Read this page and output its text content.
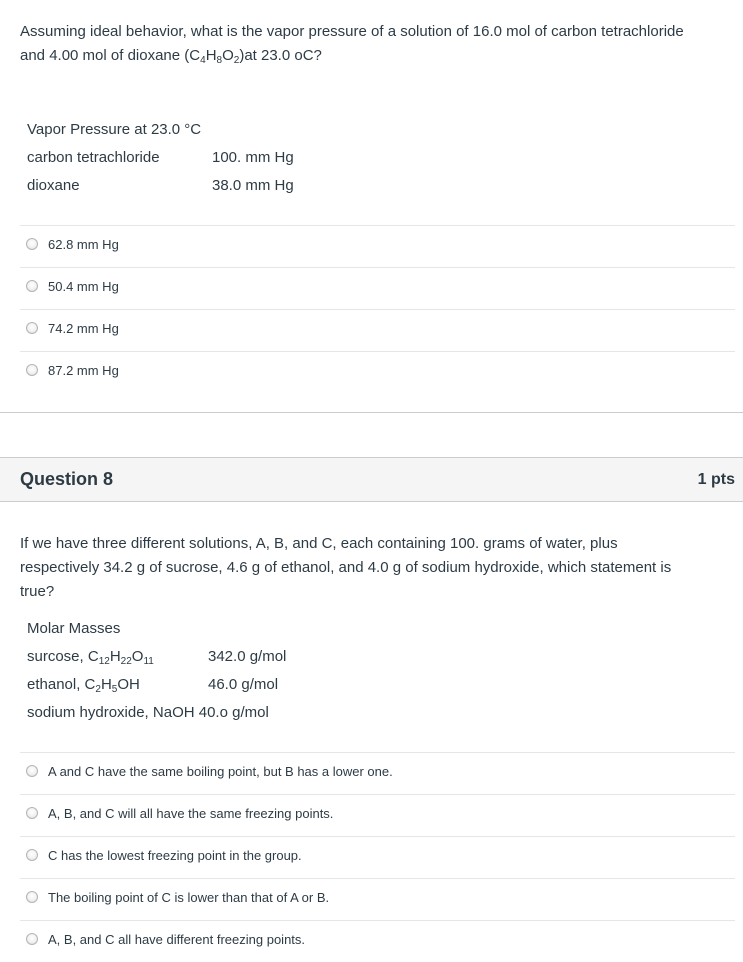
Assuming ideal behavior, what is the vapor pressure of a solution of 16.0 mol of carbon tetrachloride
and 4.00 mol of dioxane $(C_4H_8O_2)at$ 23.0 oC?
Vapor Pressure at 23.0 °C
carbon tetrachloride	100. mm Hg
dioxane	38.0 mm Hg
62.8 mm Hg
50.4 mm Hg
74.2 mm Hg
87.2 mm Hg
Question 8	1 pts
If we have three different solutions, A, B, and C, each containing 100. grams of water, plus
respectively 34.2 g of sucrose, 4.6 g of ethanol, and 4.0 g of sodium hydroxide, which statement is
true?
Molar Masses
surcose, $C_{12}H_{22}O_{11}$	342.0 g/mol
ethanol, $C_2H_5OH$	46.0 g/mol
sodium hydroxide, NaOH 40.o g/mol
A and C have the same boiling point, but B has a lower one.
A, B, and C will all have the same freezing points.
C has the lowest freezing point in the group.
The boiling point of C is lower than that of A or B.
A, B, and C all have different freezing points.
